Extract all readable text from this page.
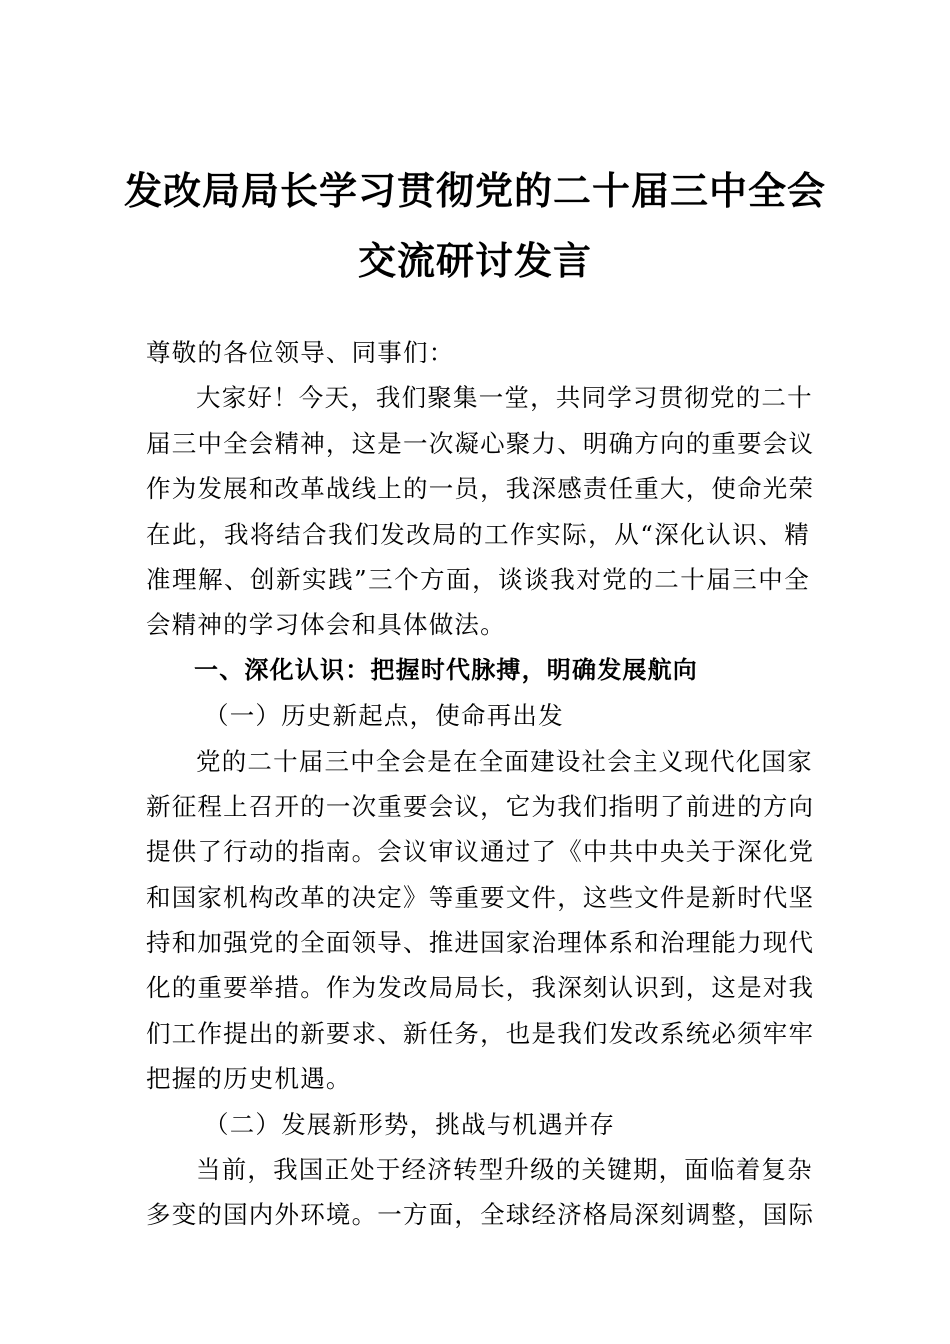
发改局局长学习贯彻党的二十届三中全会
交流研讨发言
尊敬的各位领导、同事们：
大家好！今天，我们聚集一堂，共同学习贯彻党的二十
届三中全会精神，这是一次凝心聚力、明确方向的重要会议
作为发展和改革战线上的一员，我深感责任重大，使命光荣
在此，我将结合我们发改局的工作实际，从“深化认识、精
准理解、创新实践”三个方面，谈谈我对党的二十届三中全
会精神的学习体会和具体做法。
一、深化认识：把握时代脉搏，明确发展航向
（一）历史新起点，使命再出发
党的二十届三中全会是在全面建设社会主义现代化国家
新征程上召开的一次重要会议，它为我们指明了前进的方向
提供了行动的指南。会议审议通过了《中共中央关于深化党
和国家机构改革的决定》等重要文件，这些文件是新时代坚
持和加强党的全面领导、推进国家治理体系和治理能力现代
化的重要举措。作为发改局局长，我深刻认识到，这是对我
们工作提出的新要求、新任务，也是我们发改系统必须牢牢
把握的历史机遇。
（二）发展新形势，挑战与机遇并存
当前，我国正处于经济转型升级的关键期，面临着复杂
多变的国内外环境。一方面，全球经济格局深刻调整，国际
